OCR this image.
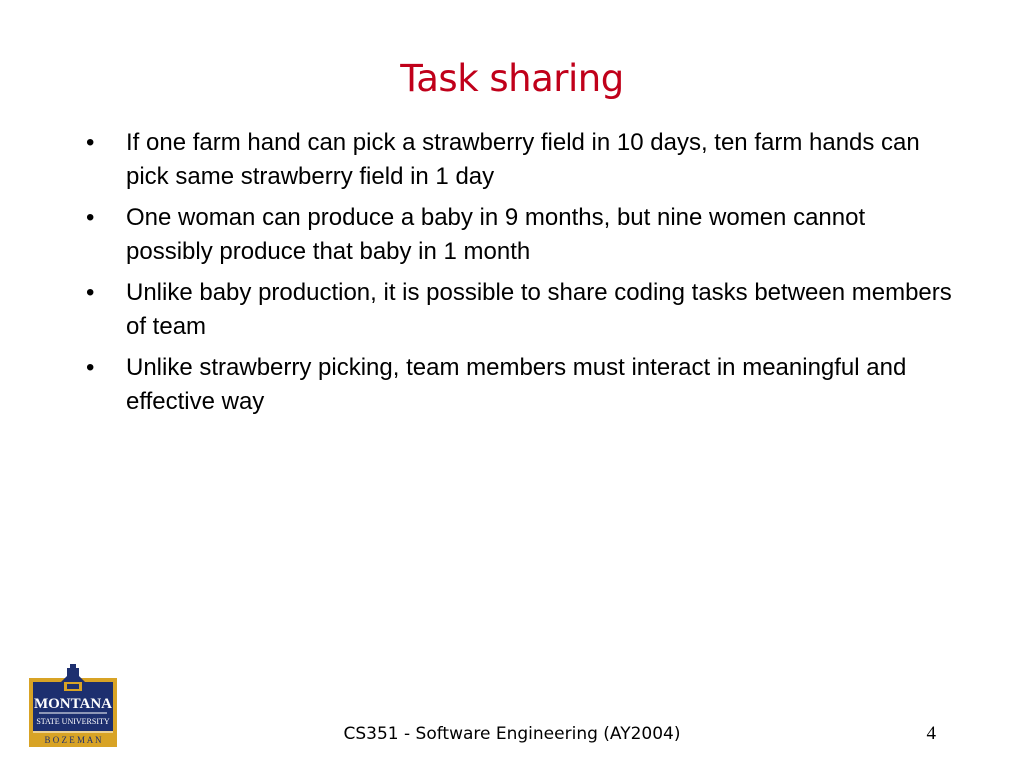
Task sharing
• If one farm hand can pick a strawberry field in 10 days, ten farm hands can pick same strawberry field in 1 day
• One woman can produce a baby in 9 months, but nine women cannot possibly produce that baby in 1 month
• Unlike baby production, it is possible to share coding tasks between members of team
• Unlike strawberry picking, team members must interact in meaningful and effective way
MONTANA
STATE UNIVERSITY
B O Z E M A N	CS351 - Software Engineering (AY2004)	4
